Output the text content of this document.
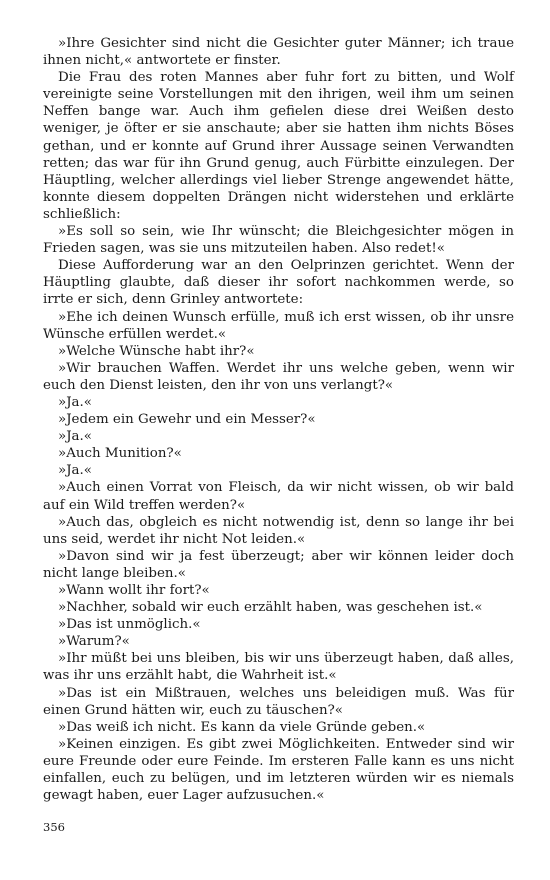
»Ihre Gesichter sind nicht die Gesichter guter Männer; ich traue ihnen nicht,« antwortete er finster.

Die Frau des roten Mannes aber fuhr fort zu bitten, und Wolf vereinigte seine Vorstellungen mit den ihrigen, weil ihm um seinen Neffen bange war. Auch ihm gefielen diese drei Weißen desto weniger, je öfter er sie anschaute; aber sie hatten ihm nichts Böses gethan, und er konnte auf Grund ihrer Aussage seinen Verwandten retten; das war für ihn Grund genug, auch Fürbitte einzulegen. Der Häuptling, welcher allerdings viel lieber Strenge angewendet hätte, konnte diesem doppelten Drängen nicht widerstehen und erklärte schließlich:

»Es soll so sein, wie Ihr wünscht; die Bleichgesichter mögen in Frieden sagen, was sie uns mitzuteilen haben. Also redet!«

Diese Aufforderung war an den Oelprinzen gerichtet. Wenn der Häuptling glaubte, daß dieser ihr sofort nachkommen werde, so irrte er sich, denn Grinley antwortete:

»Ehe ich deinen Wunsch erfülle, muß ich erst wissen, ob ihr unsre Wünsche erfüllen werdet.«

»Welche Wünsche habt ihr?«

»Wir brauchen Waffen. Werdet ihr uns welche geben, wenn wir euch den Dienst leisten, den ihr von uns verlangt?«

»Ja.«

»Jedem ein Gewehr und ein Messer?«

»Ja.«

»Auch Munition?«

»Ja.«

»Auch einen Vorrat von Fleisch, da wir nicht wissen, ob wir bald auf ein Wild treffen werden?«

»Auch das, obgleich es nicht notwendig ist, denn so lange ihr bei uns seid, werdet ihr nicht Not leiden.«

»Davon sind wir ja fest überzeugt; aber wir können leider doch nicht lange bleiben.«

»Wann wollt ihr fort?«

»Nachher, sobald wir euch erzählt haben, was geschehen ist.«

»Das ist unmöglich.«

»Warum?«

»Ihr müßt bei uns bleiben, bis wir uns überzeugt haben, daß alles, was ihr uns erzählt habt, die Wahrheit ist.«

»Das ist ein Mißtrauen, welches uns beleidigen muß. Was für einen Grund hätten wir, euch zu täuschen?«

»Das weiß ich nicht. Es kann da viele Gründe geben.«

»Keinen einzigen. Es gibt zwei Möglichkeiten. Entweder sind wir eure Freunde oder eure Feinde. Im ersteren Falle kann es uns nicht einfallen, euch zu belügen, und im letzteren würden wir es niemals gewagt haben, euer Lager aufzusuchen.«

356
